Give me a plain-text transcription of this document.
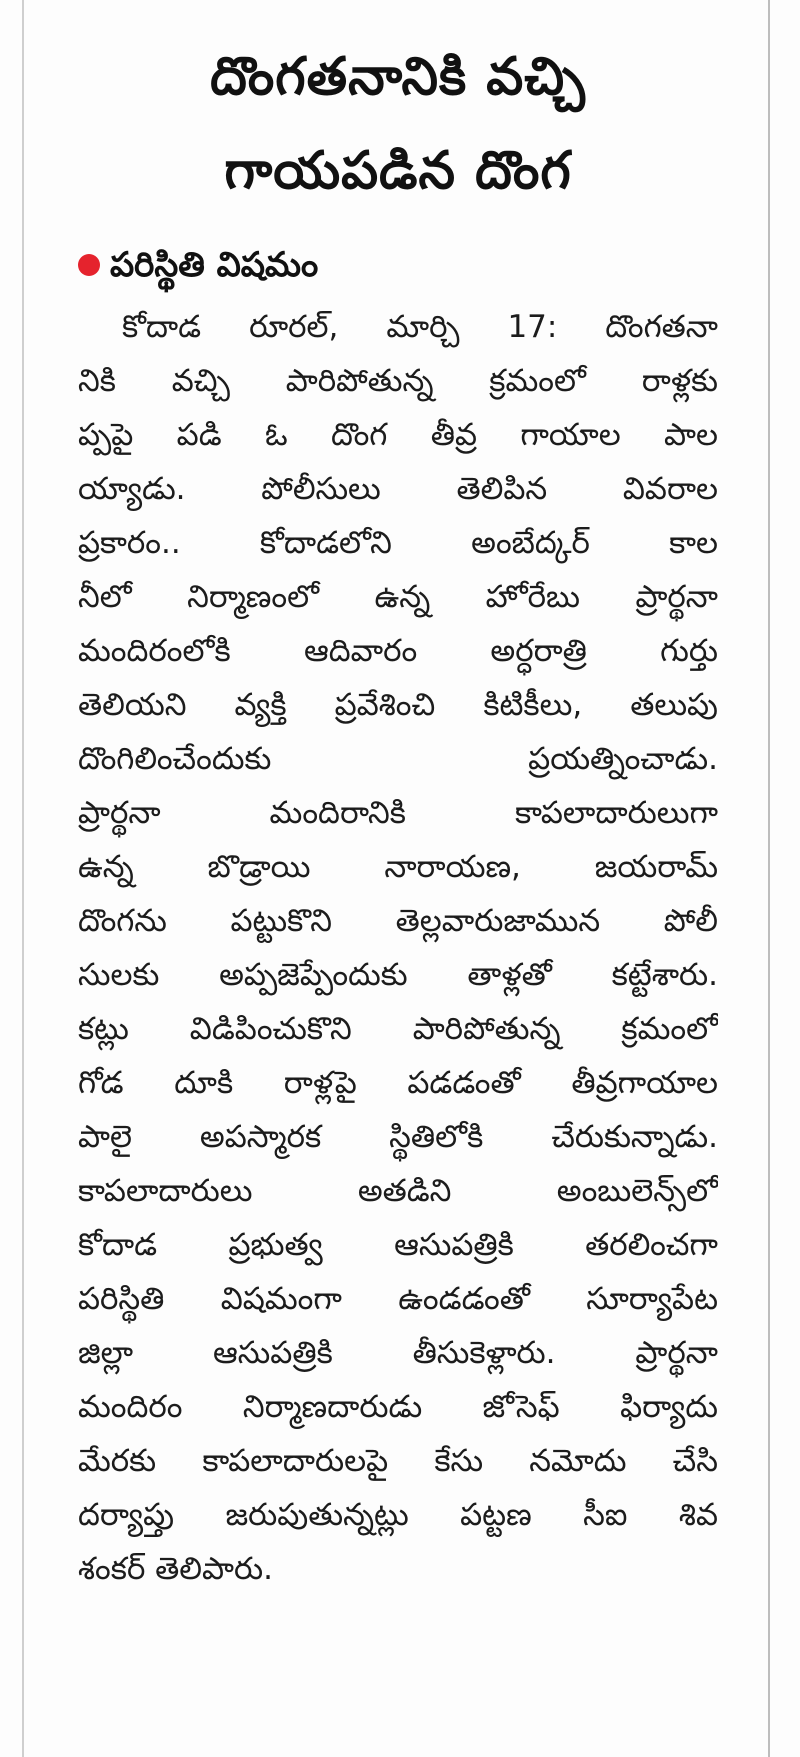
దొంగతనానికి వచ్చి
గాయపడిన దొంగ
పరిస్థితి విషమం
కోదాడ రూరల్, మార్చి 17: దొంగతనా
నికి వచ్చి పారిపోతున్న క్రమంలో రాళ్లకు
ప్పపై పడి ఓ దొంగ తీవ్ర గాయాల పాల
య్యాడు. పోలీసులు తెలిపిన వివరాల
ప్రకారం.. కోదాడలోని అంబేద్కర్ కాల
నీలో నిర్మాణంలో ఉన్న హోరేబు ప్రార్థనా
మందిరంలోకి ఆదివారం అర్ధరాత్రి గుర్తు
తెలియని వ్యక్తి ప్రవేశించి కిటికీలు, తలుపు
దొంగిలించేందుకు ప్రయత్నించాడు.
ప్రార్థనా మందిరానికి కాపలాదారులుగా
ఉన్న బొడ్రాయి నారాయణ, జయరామ్
దొంగను పట్టుకొని తెల్లవారుజామున పోలీ
సులకు అప్పజెప్పేందుకు తాళ్లతో కట్టేశారు.
కట్లు విడిపించుకొని పారిపోతున్న క్రమంలో
గోడ దూకి రాళ్లపై పడడంతో తీవ్రగాయాల
పాలై అపస్మారక స్థితిలోకి చేరుకున్నాడు.
కాపలాదారులు అతడిని అంబులెన్స్‌లో
కోదాడ ప్రభుత్వ ఆసుపత్రికి తరలించగా
పరిస్థితి విషమంగా ఉండడంతో సూర్యాపేట
జిల్లా ఆసుపత్రికి తీసుకెళ్లారు. ప్రార్థనా
మందిరం నిర్మాణదారుడు జోసెఫ్ ఫిర్యాదు
మేరకు కాపలాదారులపై కేసు నమోదు చేసి
దర్యాప్తు జరుపుతున్నట్లు పట్టణ సీఐ శివ
శంకర్ తెలిపారు.
